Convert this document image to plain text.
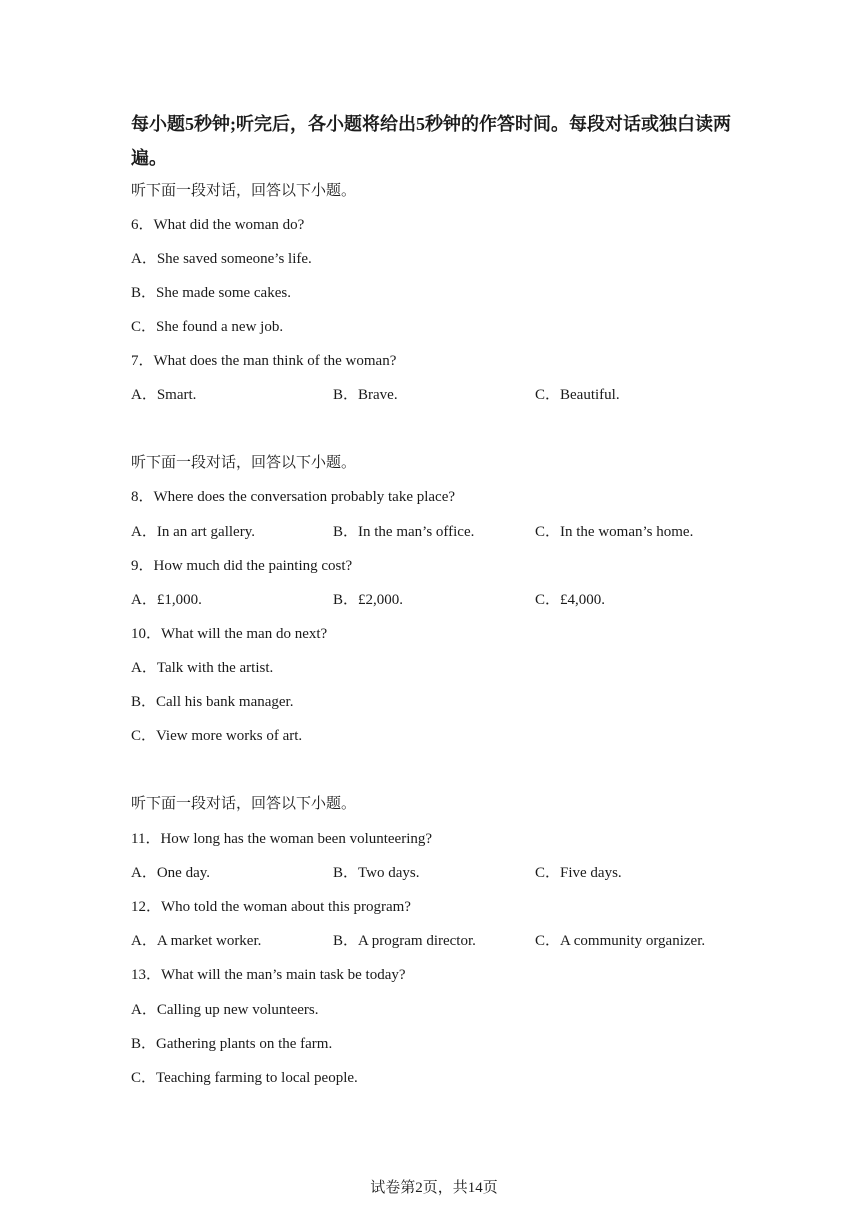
每小题5秒钟;听完后，各小题将给出5秒钟的作答时间。每段对话或独白读两遍。
听下面一段对话，回答以下小题。
6．What did the woman do?
A．She saved someone’s life.
B．She made some cakes.
C．She found a new job.
7．What does the man think of the woman?
A．Smart.	B．Brave.	C．Beautiful.
听下面一段对话，回答以下小题。
8．Where does the conversation probably take place?
A．In an art gallery.	B．In the man’s office.	C．In the woman’s home.
9．How much did the painting cost?
A．£1,000.	B．£2,000.	C．£4,000.
10．What will the man do next?
A．Talk with the artist.
B．Call his bank manager.
C．View more works of art.
听下面一段对话，回答以下小题。
11．How long has the woman been volunteering?
A．One day.	B．Two days.	C．Five days.
12．Who told the woman about this program?
A．A market worker.	B．A program director.	C．A community organizer.
13．What will the man’s main task be today?
A．Calling up new volunteers.
B．Gathering plants on the farm.
C．Teaching farming to local people.
试卷第2页，共14页
